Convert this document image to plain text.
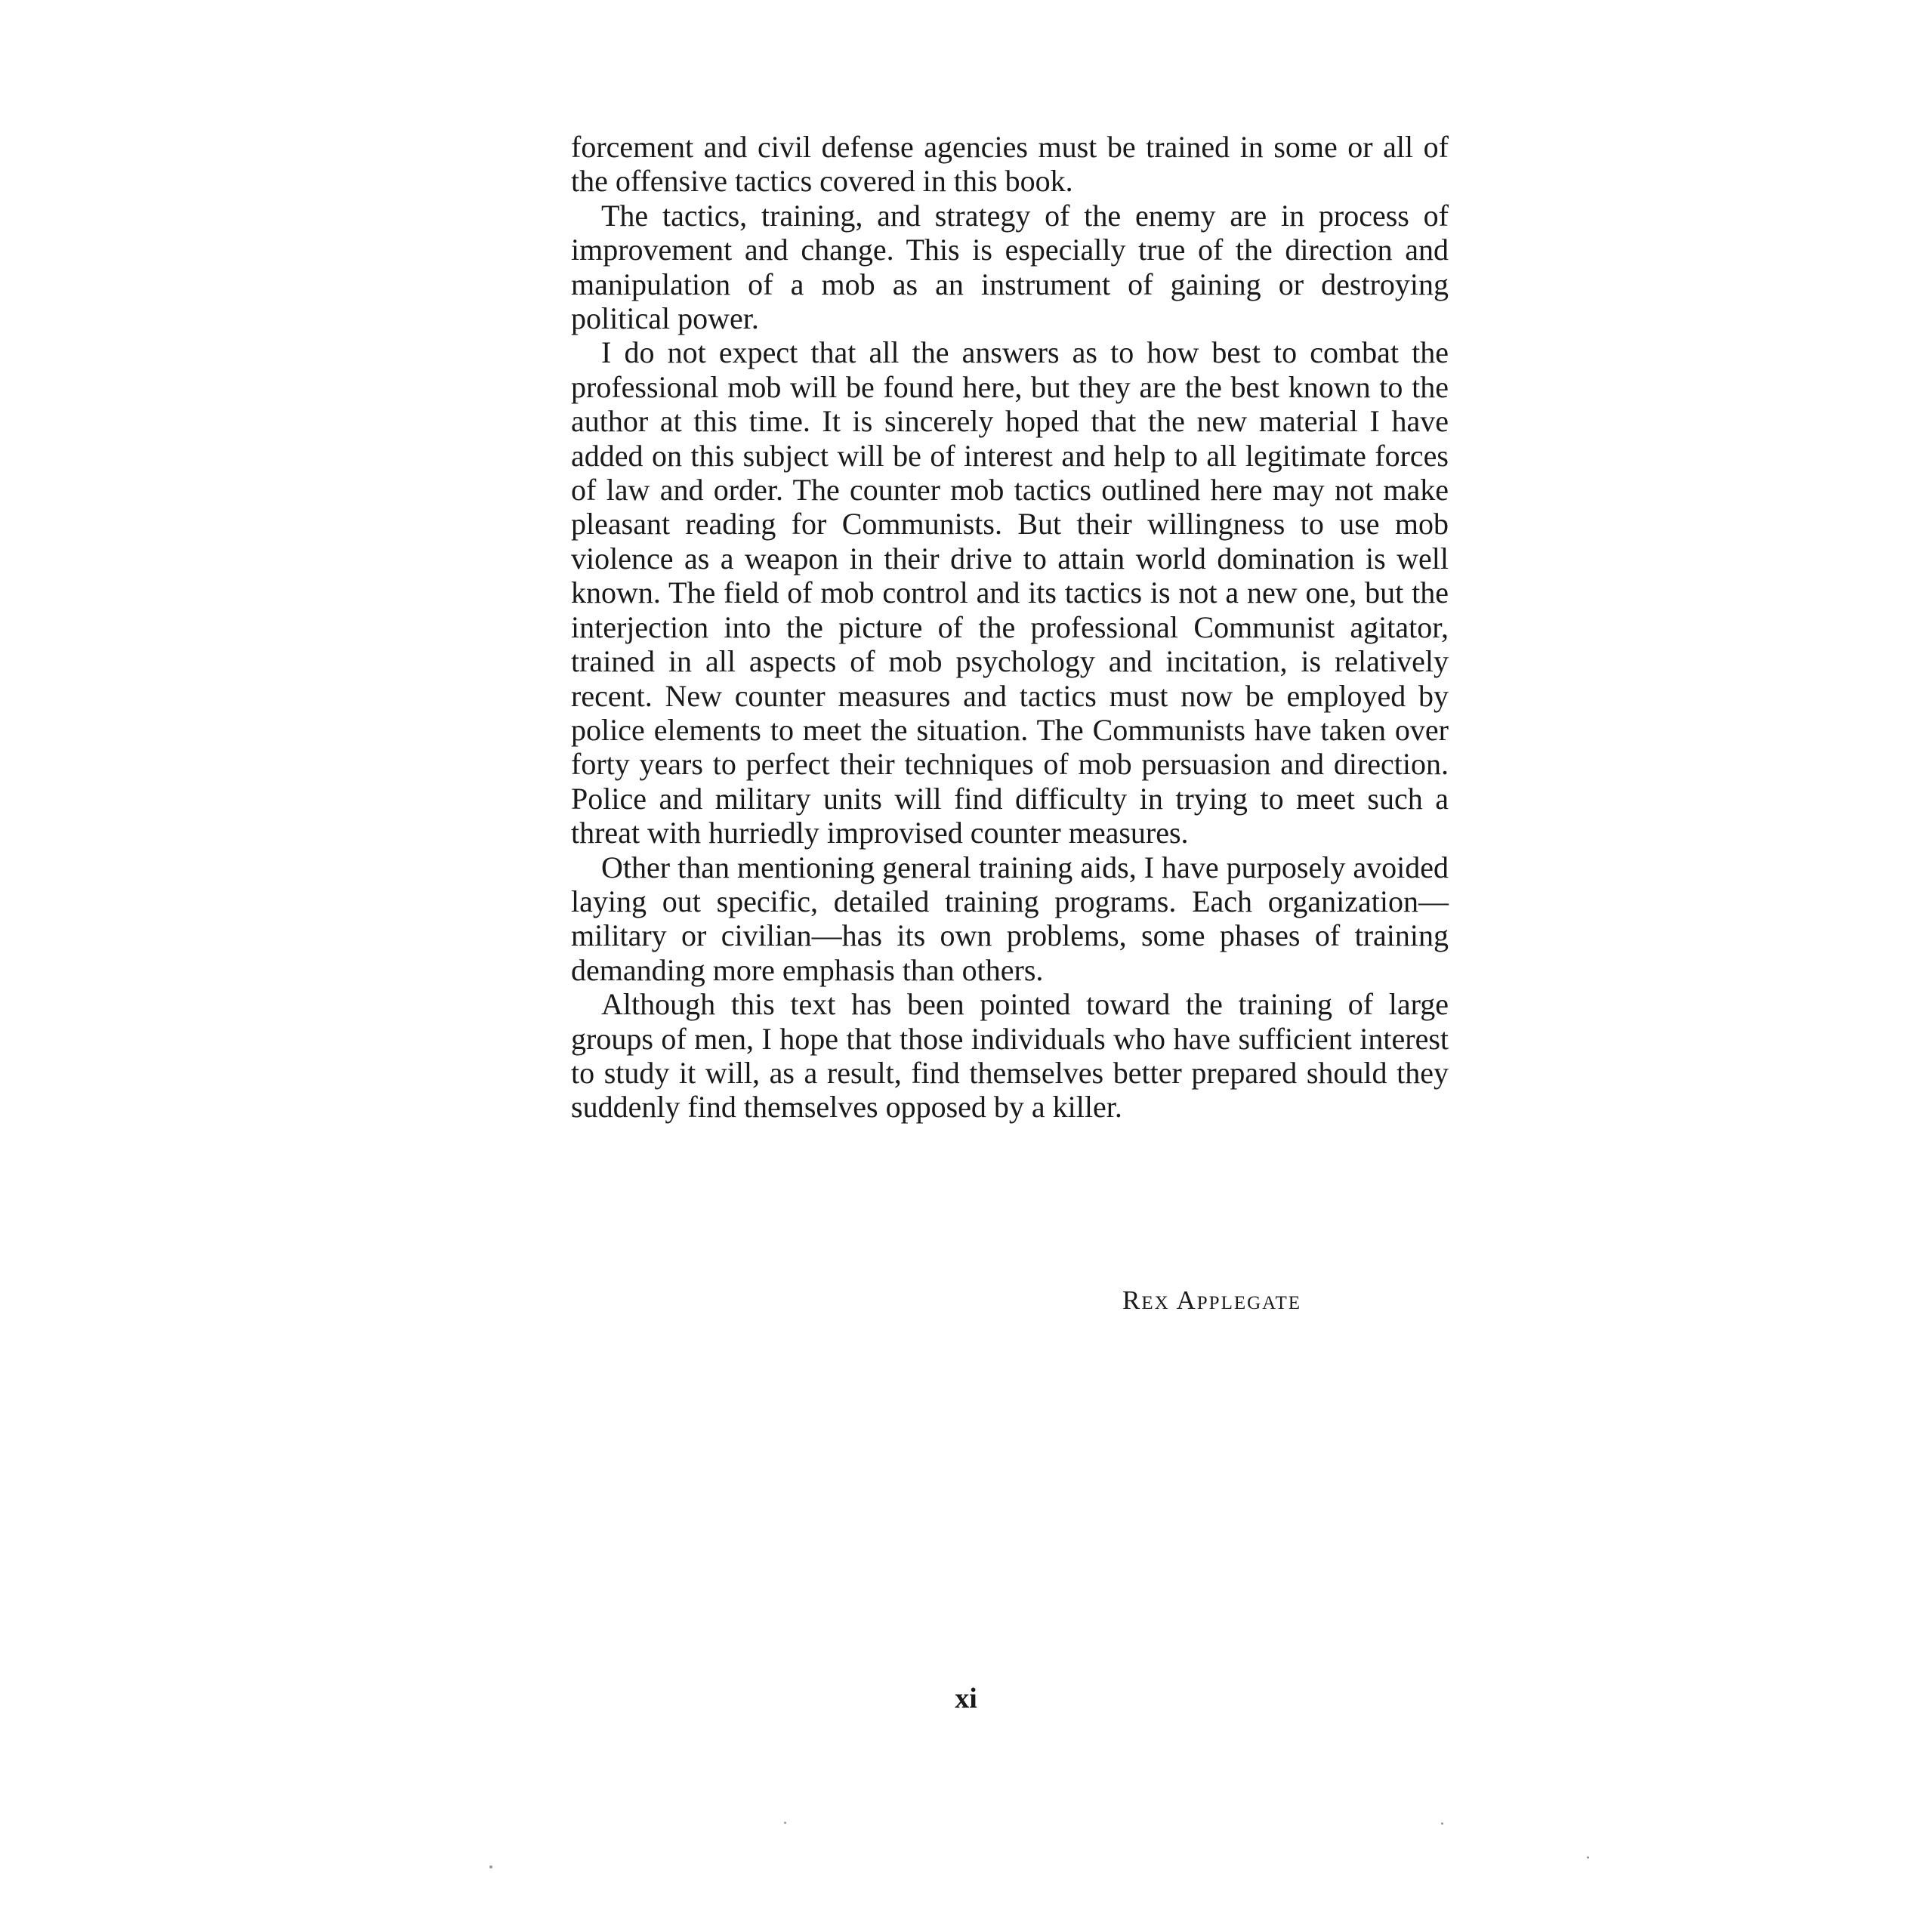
forcement and civil defense agencies must be trained in some or all of the offensive tactics covered in this book.

The tactics, training, and strategy of the enemy are in process of improvement and change. This is especially true of the direction and manipulation of a mob as an instrument of gaining or destroying political power.

I do not expect that all the answers as to how best to combat the professional mob will be found here, but they are the best known to the author at this time. It is sincerely hoped that the new material I have added on this subject will be of interest and help to all legitimate forces of law and order. The counter mob tactics outlined here may not make pleasant reading for Communists. But their willingness to use mob violence as a weapon in their drive to attain world domination is well known. The field of mob control and its tactics is not a new one, but the interjection into the picture of the professional Communist agitator, trained in all aspects of mob psychology and incitation, is relatively recent. New counter measures and tactics must now be employed by police elements to meet the situation. The Communists have taken over forty years to perfect their techniques of mob persuasion and direction. Police and military units will find difficulty in trying to meet such a threat with hurriedly improvised counter measures.

Other than mentioning general training aids, I have purposely avoided laying out specific, detailed training programs. Each organization—military or civilian—has its own problems, some phases of training demanding more emphasis than others.

Although this text has been pointed toward the training of large groups of men, I hope that those individuals who have sufficient interest to study it will, as a result, find themselves better prepared should they suddenly find themselves opposed by a killer.

Rex Applegate
xi
